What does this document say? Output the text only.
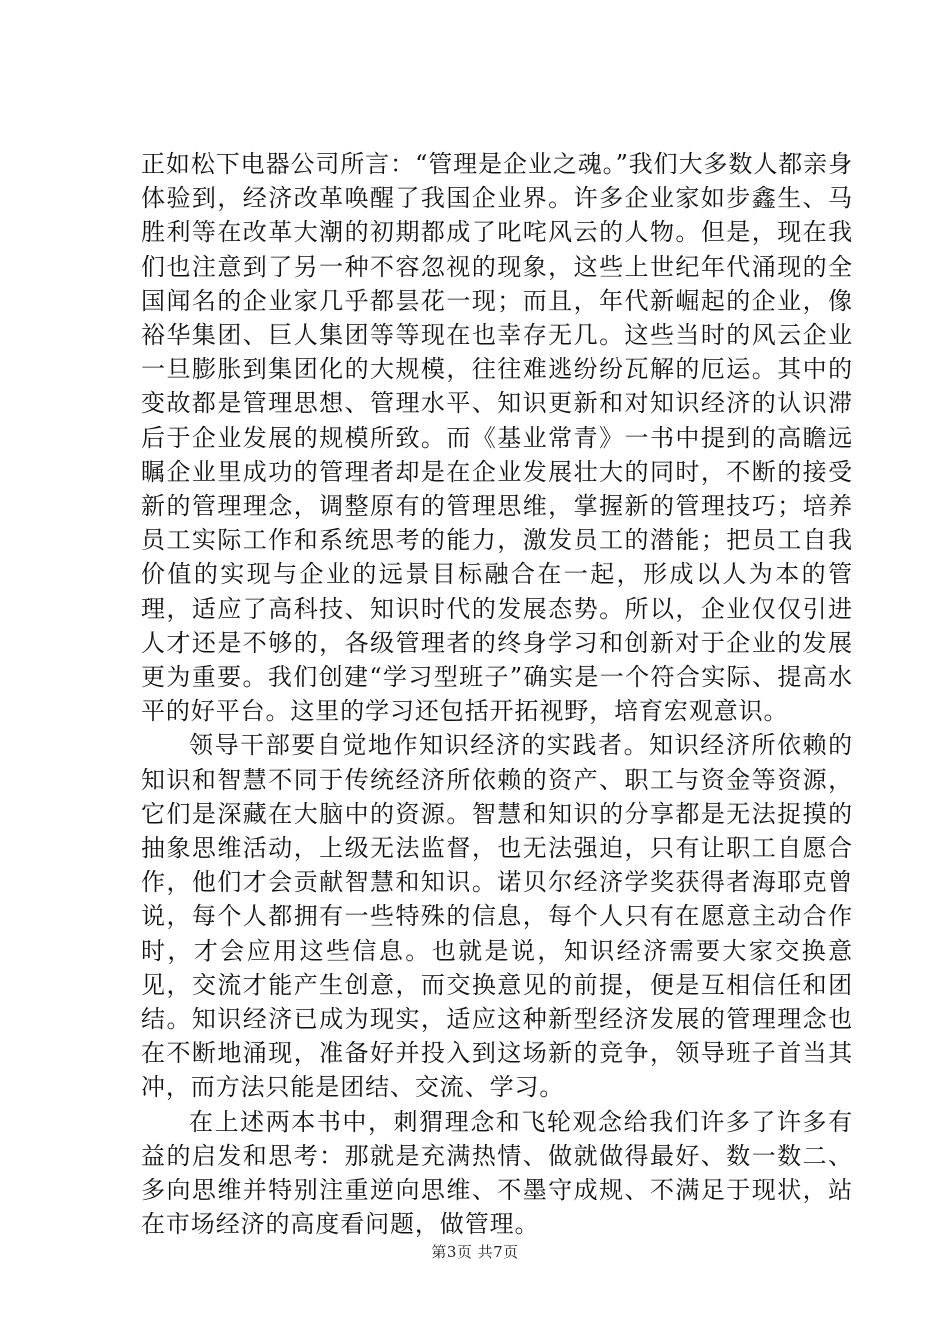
正如松下电器公司所言：“管理是企业之魂。”我们大多数人都亲身体验到，经济改革唤醒了我国企业界。许多企业家如步鑫生、马胜利等在改革大潮的初期都成了叱咤风云的人物。但是，现在我们也注意到了另一种不容忽视的现象，这些上世纪年代涌现的全国闻名的企业家几乎都昙花一现；而且，年代新崛起的企业，像裕华集团、巨人集团等等现在也幸存无几。这些当时的风云企业一旦膨胀到集团化的大规模，往往难逃纷纷瓦解的厄运。其中的变故都是管理思想、管理水平、知识更新和对知识经济的认识滞后于企业发展的规模所致。而《基业常青》一书中提到的高瞻远瞩企业里成功的管理者却是在企业发展壮大的同时，不断的接受新的管理理念，调整原有的管理思维，掌握新的管理技巧；培养员工实际工作和系统思考的能力，激发员工的潜能；把员工自我价值的实现与企业的远景目标融合在一起，形成以人为本的管理，适应了高科技、知识时代的发展态势。所以，企业仅仅引进人才还是不够的，各级管理者的终身学习和创新对于企业的发展更为重要。我们创建“学习型班子”确实是一个符合实际、提高水平的好平台。这里的学习还包括开拓视野，培育宏观意识。

领导干部要自觉地作知识经济的实践者。知识经济所依赖的知识和智慧不同于传统经济所依赖的资产、职工与资金等资源，它们是深藏在大脑中的资源。智慧和知识的分享都是无法捉摸的抽象思维活动，上级无法监督，也无法强迫，只有让职工自愿合作，他们才会贡献智慧和知识。诺贝尔经济学奖获得者海耶克曾说，每个人都拥有一些特殊的信息，每个人只有在愿意主动合作时，才会应用这些信息。也就是说，知识经济需要大家交换意见，交流才能产生创意，而交换意见的前提，便是互相信任和团结。知识经济已成为现实，适应这种新型经济发展的管理理念也在不断地涌现，准备好并投入到这场新的竞争，领导班子首当其冲，而方法只能是团结、交流、学习。

在上述两本书中，刺猬理念和飞轮观念给我们许多了许多有益的启发和思考：那就是充满热情、做就做得最好、数一数二、多向思维并特别注重逆向思维、不墨守成规、不满足于现状，站在市场经济的高度看问题，做管理。

第3页 共7页
